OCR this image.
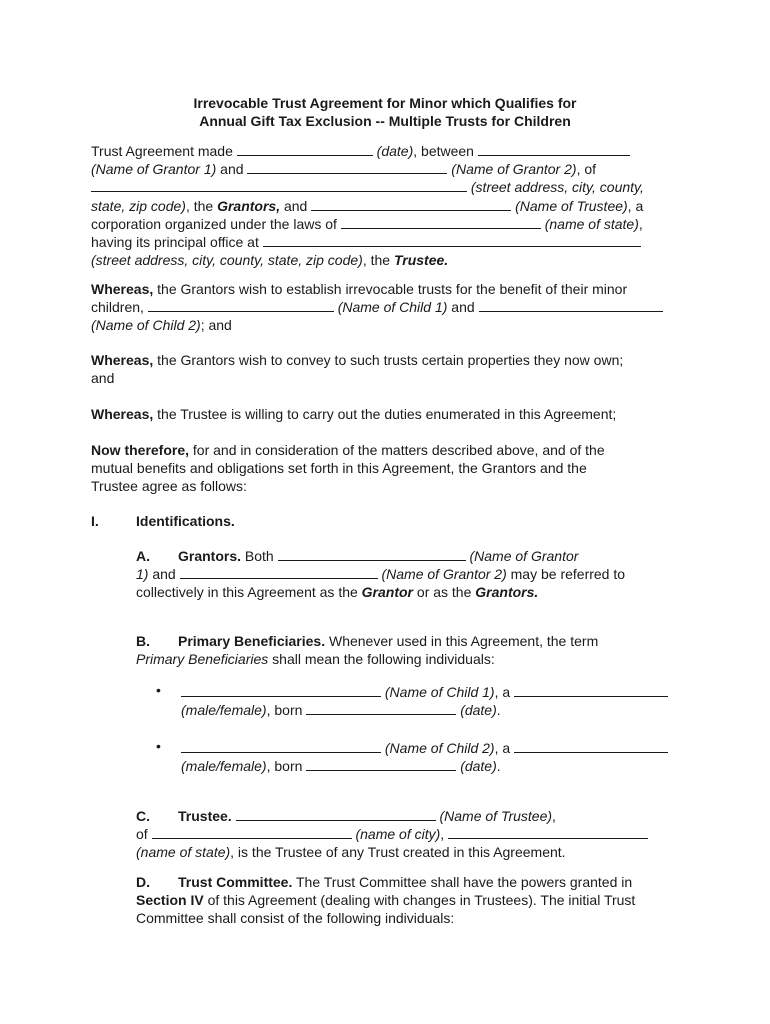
Irrevocable Trust Agreement for Minor which Qualifies for
Annual Gift Tax Exclusion -- Multiple Trusts for Children
Trust Agreement made	(date), between
(Name of Grantor 1) and	(Name of Grantor 2), of
(street address, city, county,
state, zip code), the Grantors, and	(Name of Trustee), a
corporation organized under the laws of	(name of state),
having its principal office at
(street address, city, county, state, zip code), the Trustee.
Whereas, the Grantors wish to establish irrevocable trusts for the benefit of their minor
children,	(Name of Child 1) and
(Name of Child 2); and
Whereas, the Grantors wish to convey to such trusts certain properties they now own;
and
Whereas, the Trustee is willing to carry out the duties enumerated in this Agreement;
Now therefore, for and in consideration of the matters described above, and of the
mutual benefits and obligations set forth in this Agreement, the Grantors and the
Trustee agree as follows:
I.	Identifications.
A. Grantors. Both	(Name of Grantor
1) and	(Name of Grantor 2) may be referred to
collectively in this Agreement as the Grantor or as the Grantors.
B. Primary Beneficiaries. Whenever used in this Agreement, the term
Primary Beneficiaries shall mean the following individuals:
•	(Name of Child 1), a
(male/female), born	(date).
•	(Name of Child 2), a
(male/female), born	(date).
C. Trustee.	(Name of Trustee),
of	(name of city),
(name of state), is the Trustee of any Trust created in this Agreement.
D. Trust Committee. The Trust Committee shall have the powers granted in
Section IV of this Agreement (dealing with changes in Trustees). The initial Trust
Committee shall consist of the following individuals:
